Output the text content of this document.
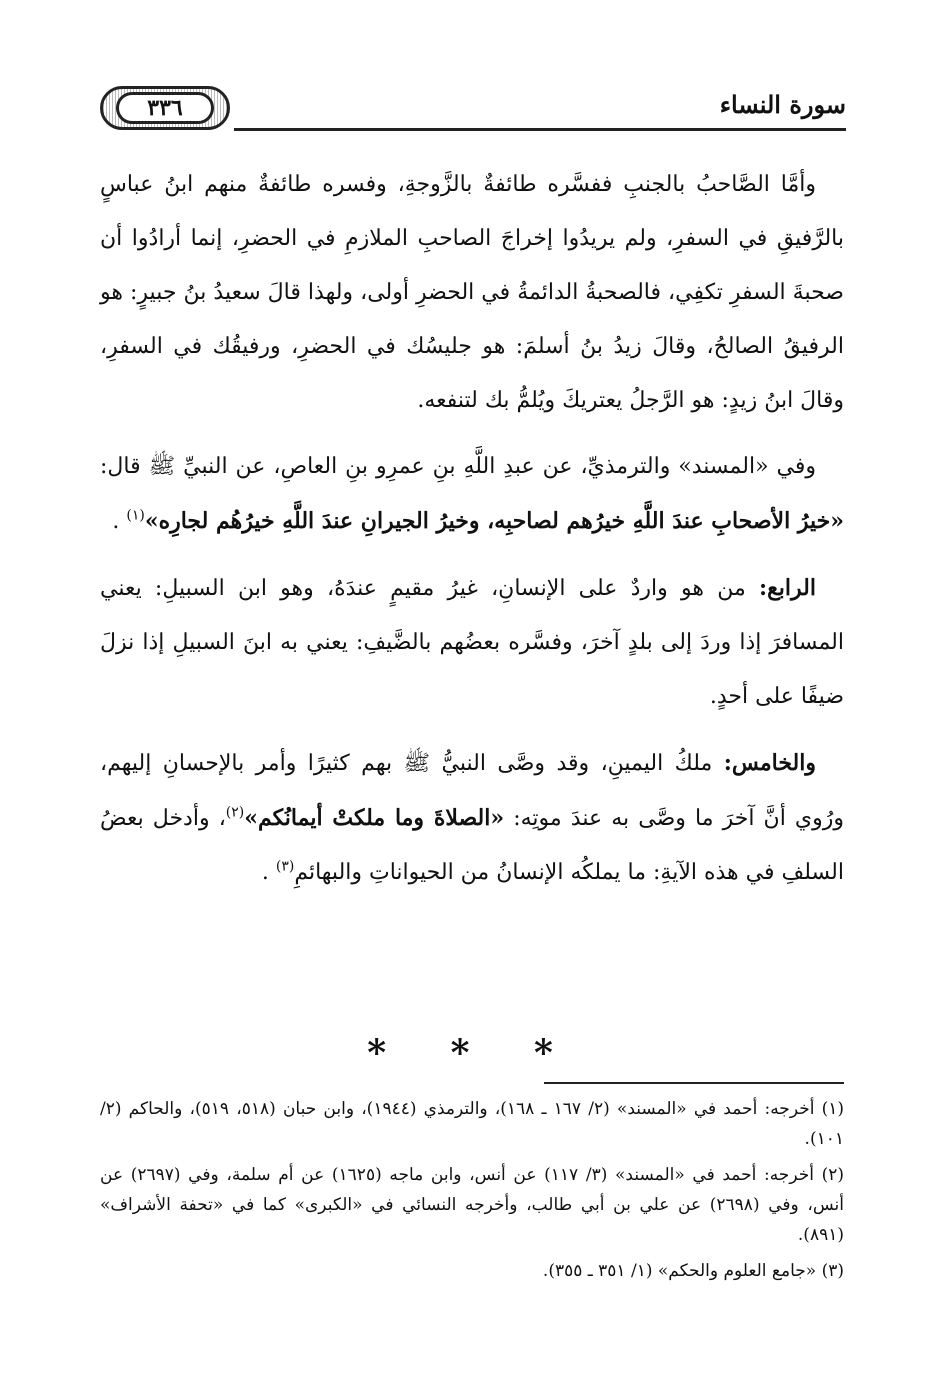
٣٣٦	سورة النساء

وأمَّا الصَّاحبُ بالجنبِ ففسَّره طائفةٌ بالزَّوجةِ، وفسره طائفةٌ منهم ابنُ عباسٍ بالرَّفيقِ في السفرِ، ولم يريدُوا إخراجَ الصاحبِ الملازمِ في الحضرِ، إنما أرادُوا أن صحبةَ السفرِ تكفِي، فالصحبةُ الدائمةُ في الحضرِ أولى، ولهذا قالَ سعيدُ بنُ جبيرٍ: هو الرفيقُ الصالحُ، وقالَ زيدُ بنُ أسلمَ: هو جليسُك في الحضرِ، ورفيقُك في السفرِ، وقالَ ابنُ زيدٍ: هو الرَّجلُ يعتريكَ ويُلمُّ بك لتنفعه.

وفي «المسند» والترمذيِّ، عن عبدِ اللَّهِ بنِ عمرِو بنِ العاصِ، عن النبيِّ ﷺ قال: «خيرُ الأصحابِ عندَ اللَّهِ خيرُهم لصاحبِه، وخيرُ الجيرانِ عندَ اللَّهِ خيرُهُم لجارِه»$^{(١)}$ .

الرابع: من هو واردٌ على الإنسانِ، غيرُ مقيمٍ عندَهُ، وهو ابن السبيلِ: يعني المسافرَ إذا وردَ إلى بلدٍ آخرَ، وفسَّره بعضُهم بالضَّيفِ: يعني به ابنَ السبيلِ إذا نزلَ ضيفًا على أحدٍ.

والخامس: ملكُ اليمينِ، وقد وصَّى النبيُّ ﷺ بهم كثيرًا وأمر بالإحسانِ إليهم، ورُوي أنَّ آخرَ ما وصَّى به عندَ موتِه: «الصلاةَ وما ملكتْ أيمانُكم»$^{(٢)}$، وأدخل بعضُ السلفِ في هذه الآيةِ: ما يملكُه الإنسانُ من الحيواناتِ والبهائمِ$^{(٣)}$ .

* * *

(١) أخرجه: أحمد في «المسند» (٢/ ١٦٧ ـ ١٦٨)، والترمذي (١٩٤٤)، وابن حبان (٥١٨، ٥١٩)، والحاكم (٢/ ١٠١).

(٢) أخرجه: أحمد في «المسند» (٣/ ١١٧) عن أنس، وابن ماجه (١٦٢٥) عن أم سلمة، وفي (٢٦٩٧) عن أنس، وفي (٢٦٩٨) عن علي بن أبي طالب، وأخرجه النسائي في «الكبرى» كما في «تحفة الأشراف» (٨٩١).

(٣) «جامع العلوم والحكم» (١/ ٣٥١ ـ ٣٥٥).
